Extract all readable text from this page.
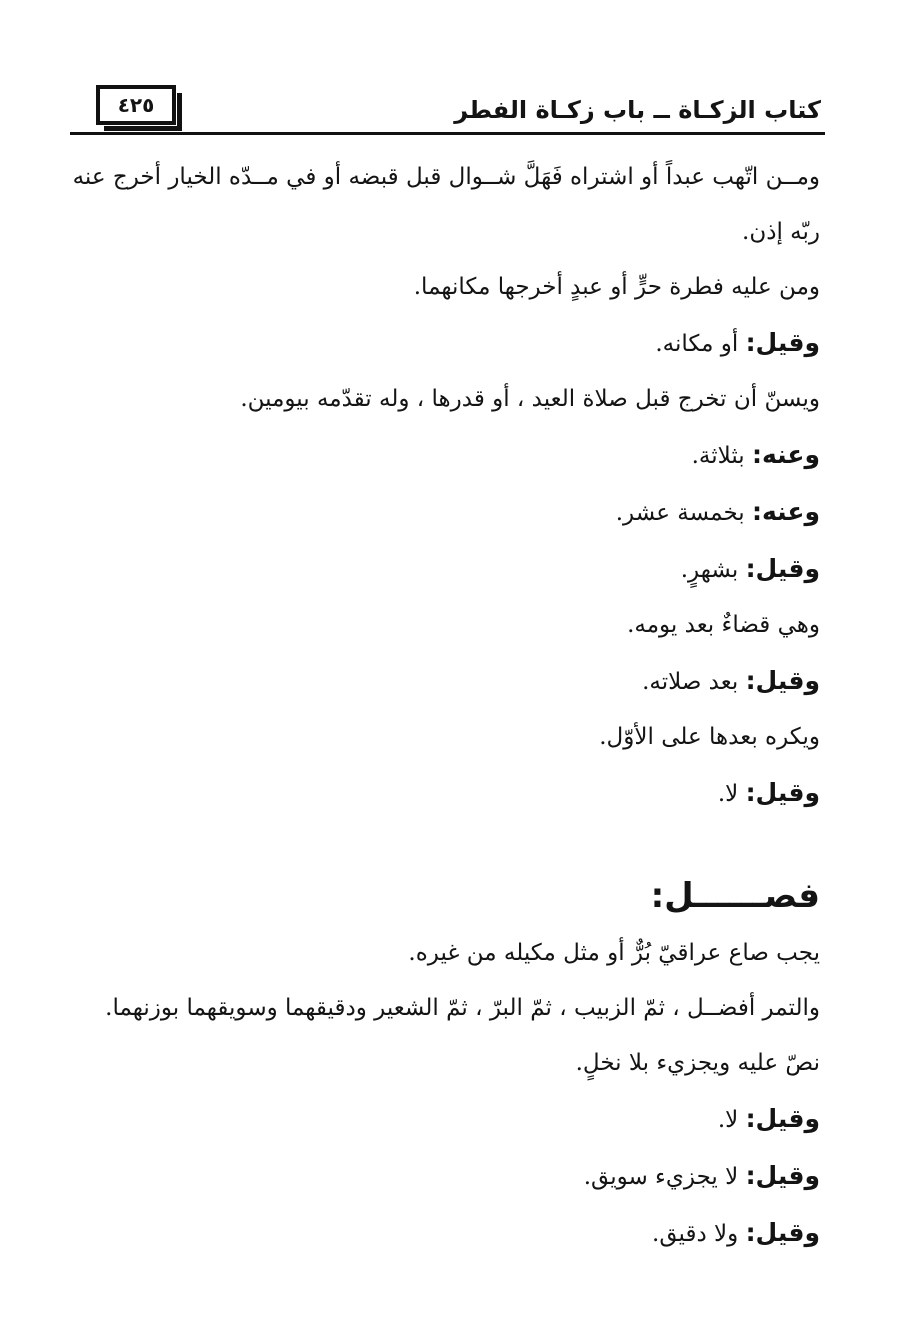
٤٢٥	كتاب الزكـاة ــ باب زكـاة الفطر

ومــن اتّهب عبداً أو اشتراه فَهَلَّ شــوال قبل قبضه أو في مــدّه الخيار أخرج عنه ربّه إذن.

ومن عليه فطرة حرٍّ أو عبدٍ أخرجها مكانهما.

وقيل: أو مكانه.

ويسنّ أن تخرج قبل صلاة العيد ، أو قدرها ، وله تقدّمه بيومين.

وعنه: بثلاثة.

وعنه: بخمسة عشر.

وقيل: بشهرٍ.

وهي قضاءٌ بعد يومه.

وقيل: بعد صلاته.

ويكره بعدها على الأوّل.

وقيل: لا.

فصــــــل:

يجب صاع عراقيّ بُرٌّ أو مثل مكيله من غيره.

والتمر أفضــل ، ثمّ الزبيب ، ثمّ البرّ ، ثمّ الشعير ودقيقهما وسويقهما بوزنهما.

نصّ عليه ويجزيء بلا نخلٍ.

وقيل: لا.

وقيل: لا يجزيء سويق.

وقيل: ولا دقيق.
